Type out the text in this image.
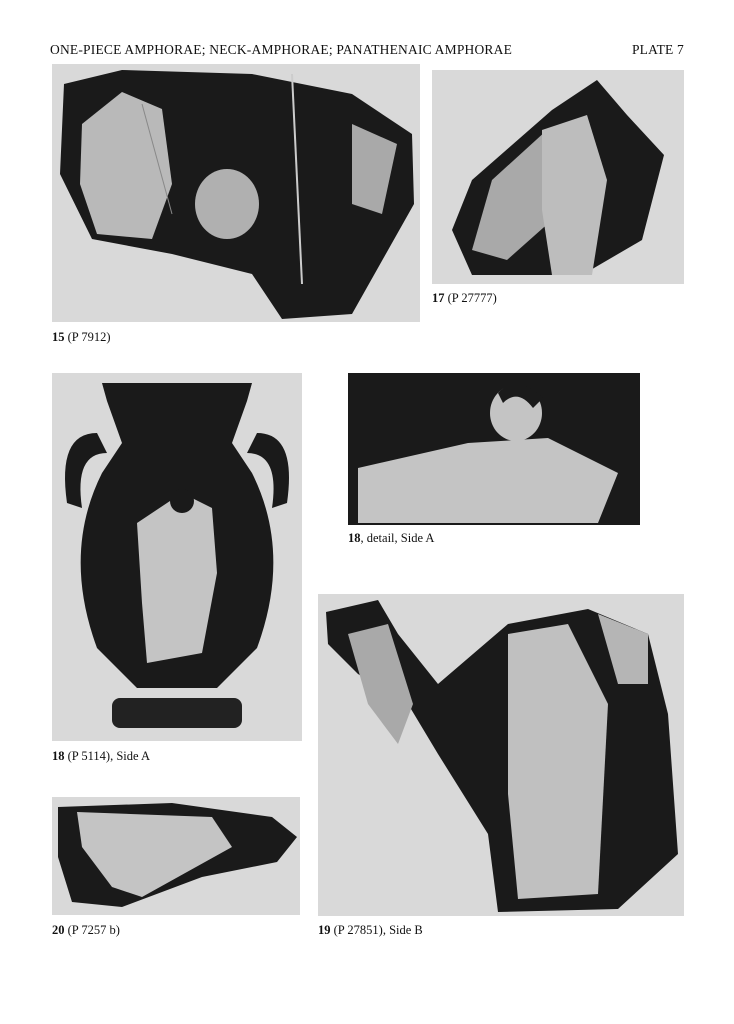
ONE-PIECE AMPHORAE; NECK-AMPHORAE; PANATHENAIC AMPHORAE	PLATE 7
15 (P 7912)
17 (P 27777)
18 (P 5114), Side A
18, detail, Side A
19 (P 27851), Side B
20 (P 7257 b)
